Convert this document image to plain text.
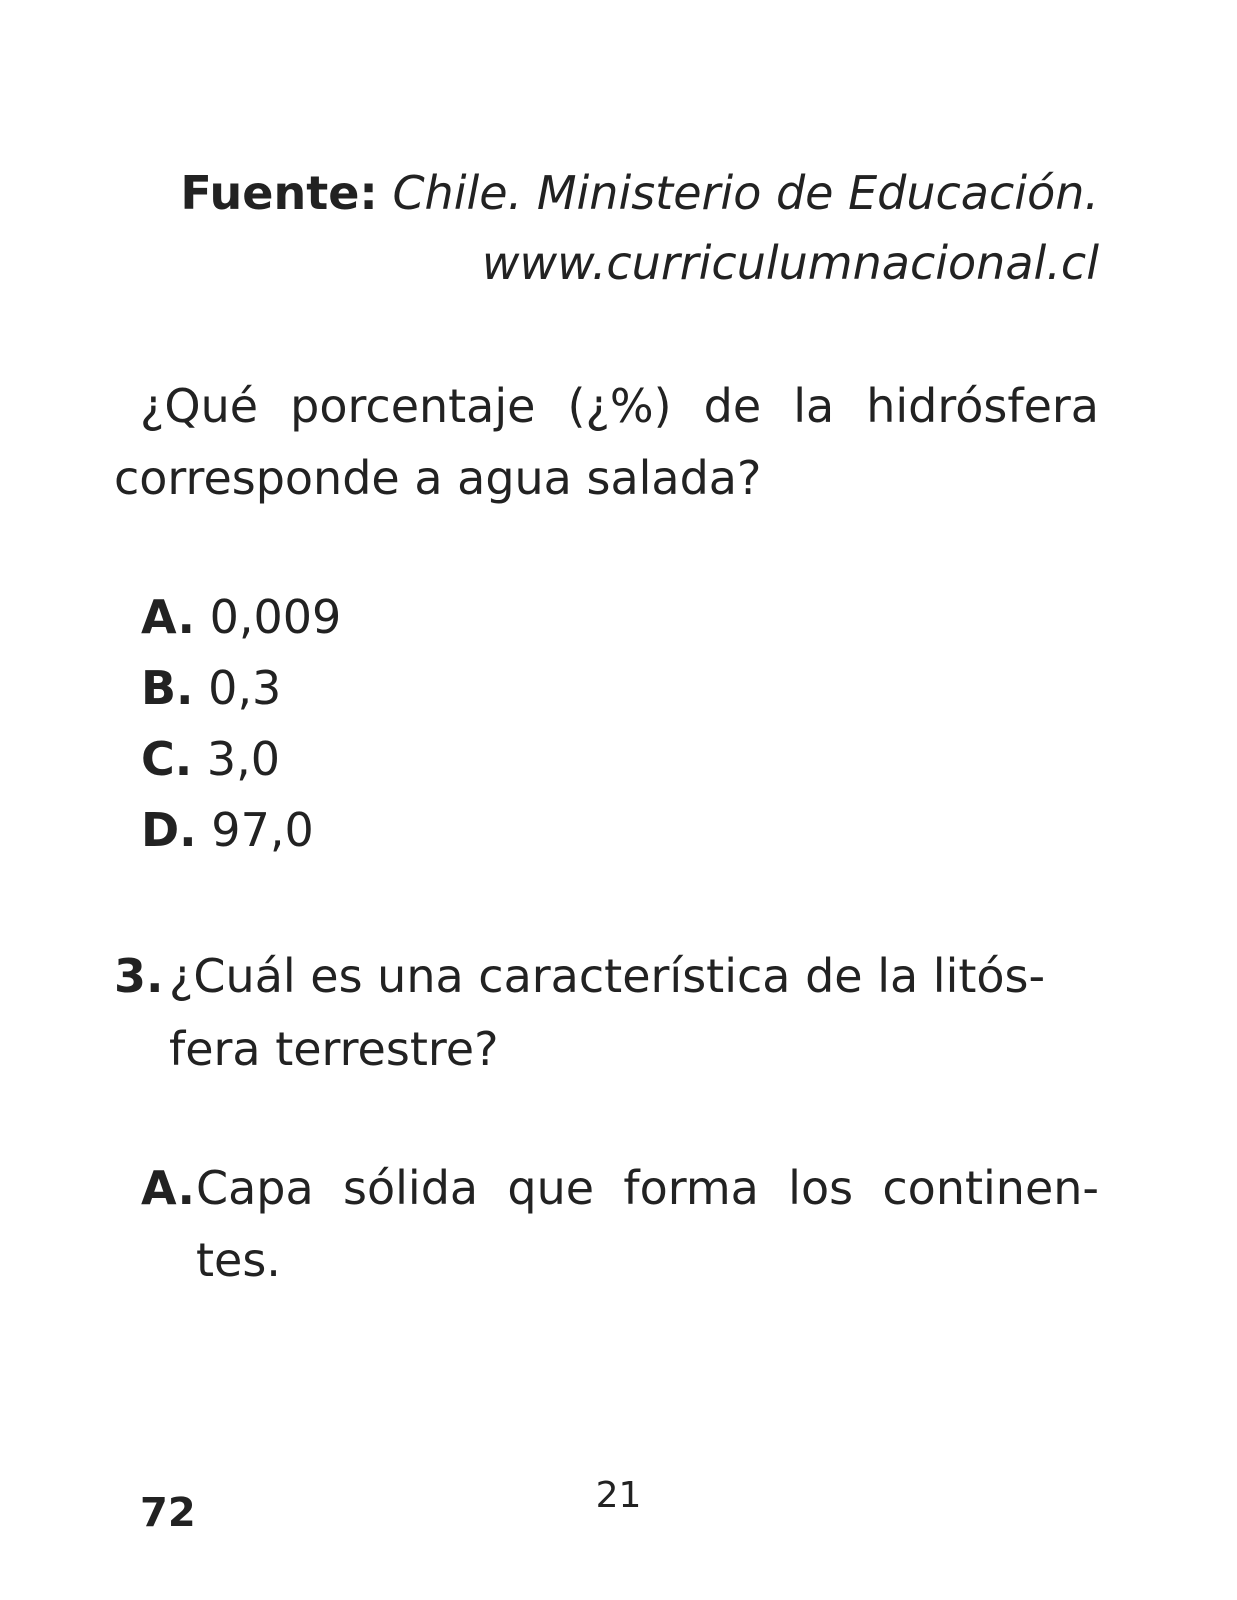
Fuente: Chile. Ministerio de Educación.
www.curriculumnacional.cl
¿Qué porcentaje (¿%) de la hidrósfera corresponde a agua salada?
A. 0,009
B. 0,3
C. 3,0
D. 97,0
3. ¿Cuál es una característica de la litós-
fera terrestre?
A. Capa sólida que forma los continen-
tes.
21
72
